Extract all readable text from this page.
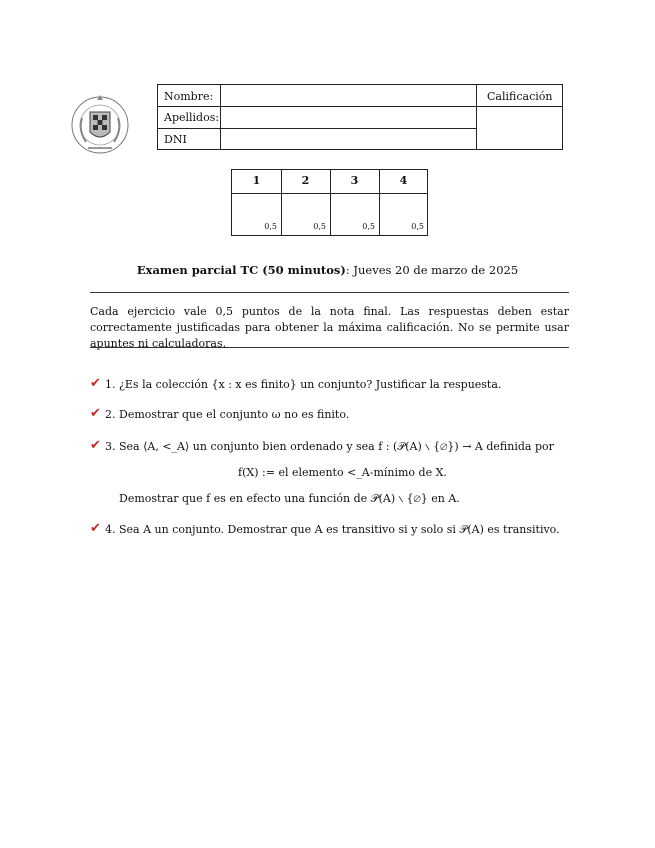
Nombre:
Apellidos:
DNI
Calificación
1	2	3	4
0,5	0,5	0,5	0,5
Examen parcial TC (50 minutos): Jueves 20 de marzo de 2025
Cada ejercicio vale 0,5 puntos de la nota final. Las respuestas deben estar correctamente justificadas para obtener la máxima calificación. No se permite usar apuntes ni calculadoras.
✔ 1. ¿Es la colección {x : x es finito} un conjunto? Justificar la respuesta.
✔ 2. Demostrar que el conjunto ω no es finito.
✔ 3. Sea ⟨A, <_A⟩ un conjunto bien ordenado y sea f : (𝒫(A) ∖ {∅}) → A definida por
f(X) := el elemento <_A-mínimo de X.
Demostrar que f es en efecto una función de 𝒫(A) ∖ {∅} en A.
✔ 4. Sea A un conjunto. Demostrar que A es transitivo si y solo si 𝒫(A) es transitivo.
